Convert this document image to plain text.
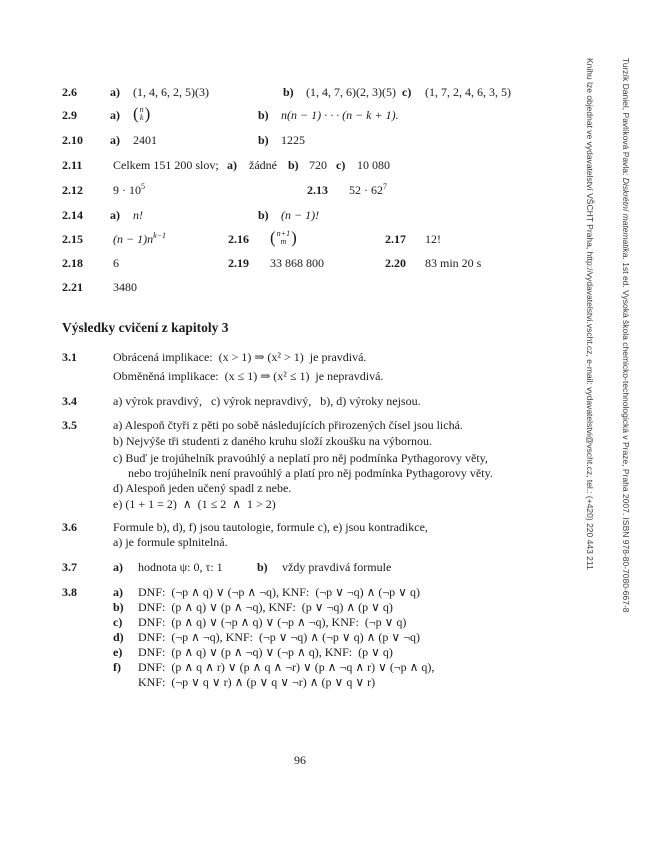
Turzík Daniel, Pavlíková Pavla: Diskrétní matematika. 1st ed. Vysoká škola chemicko-technologická v Praze, Praha 2007. ISBN 978-80-7080-667-8

Knihu lze objednat ve vydavatelství VŠCHT Praha, http://vydavatelstvi.vscht.cz, e-mail: vydavatelstvi@vscht.cz, tel.: (+420) 220 443 211

2.6	a) (1, 4, 6, 2, 5)(3)	b) (1, 4, 7, 6)(2, 3)(5) c) (1, 7, 2, 4, 6, 3, 5)
2.9	a) ( n
k )	b) n(n − 1) · · · (n − k + 1).
2.10 a) 2401	b) 1225
2.11	Celkem 151 200 slov; a) žádné b) 720 c) 10 080
2.12	$9 \cdot 10^5$	2.13 $52 \cdot 62^7$
2.14 a) n!	b) (n − 1)!
2.15	$(n - 1)n^{k-1}$	2.16 ( n+1
m )	2.17 12!
2.18	6	2.19 33 868 800	2.20 83 min 20 s
2.21	3480
Výsledky cvičení z kapitoly 3
3.1	Obrácená implikace:  (x > 1) ⇒ (x² > 1)  je pravdivá.
Obměněná implikace:  (x ≤ 1) ⇒ (x² ≤ 1)  je nepravdivá.
3.4	a) výrok pravdivý,   c) výrok nepravdivý,   b), d) výroky nejsou.
3.5	a) Alespoň čtyři z pěti po sobě následujících přirozených čísel jsou lichá.
b) Nejvýše tři studenti z daného kruhu složí zkoušku na výbornou.
c) Buď je trojúhelník pravoúhlý a neplatí pro něj podmínka Pythagorovy věty,
nebo trojúhelník není pravoúhlý a platí pro něj podmínka Pythagorovy věty.
d) Alespoň jeden učený spadl z nebe.
e) (1 + 1 = 2)  ∧  (1 ≤ 2  ∧  1 > 2)
3.6	Formule b), d), f) jsou tautologie, formule c), e) jsou kontradikce,
a) je formule splnitelná.
3.7	a) hodnota ψ: 0, τ: 1	b) vždy pravdivá formule
3.8	a) DNF:  (¬p ∧ q) ∨ (¬p ∧ ¬q), KNF:  (¬p ∨ ¬q) ∧ (¬p ∨ q)
b) DNF:  (p ∧ q) ∨ (p ∧ ¬q), KNF:  (p ∨ ¬q) ∧ (p ∨ q)
c) DNF:  (p ∧ q) ∨ (¬p ∧ q) ∨ (¬p ∧ ¬q), KNF:  (¬p ∨ q)
d) DNF:  (¬p ∧ ¬q), KNF:  (¬p ∨ ¬q) ∧ (¬p ∨ q) ∧ (p ∨ ¬q)
e) DNF:  (p ∧ q) ∨ (p ∧ ¬q) ∨ (¬p ∧ q), KNF:  (p ∨ q)
f) DNF:  (p ∧ q ∧ r) ∨ (p ∧ q ∧ ¬r) ∨ (p ∧ ¬q ∧ r) ∨ (¬p ∧ q),
KNF:  (¬p ∨ q ∨ r) ∧ (p ∨ q ∨ ¬r) ∧ (p ∨ q ∨ r)
96
